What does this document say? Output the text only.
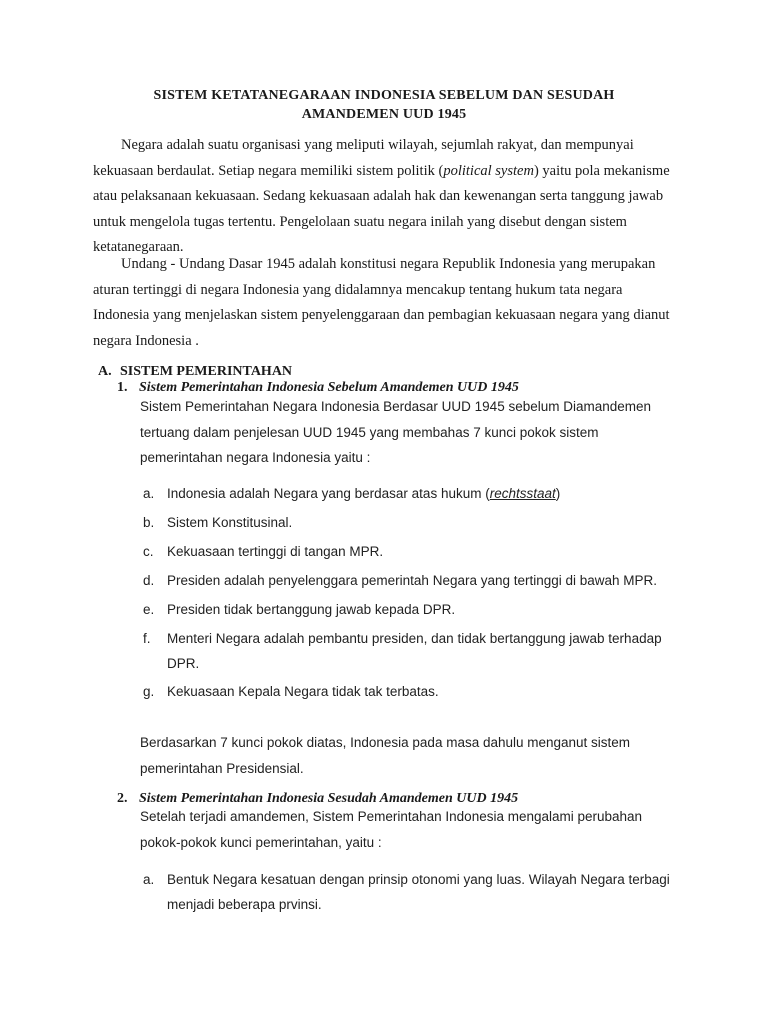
SISTEM KETATANEGARAAN INDONESIA SEBELUM DAN SESUDAH
AMANDEMEN UUD 1945
Negara adalah suatu organisasi yang meliputi wilayah, sejumlah rakyat, dan mempunyai kekuasaan berdaulat. Setiap negara memiliki sistem politik (political system) yaitu pola mekanisme atau pelaksanaan kekuasaan. Sedang kekuasaan adalah hak dan kewenangan serta tanggung jawab untuk mengelola tugas tertentu. Pengelolaan suatu negara inilah yang disebut dengan sistem ketatanegaraan.
Undang - Undang Dasar 1945 adalah konstitusi negara Republik Indonesia yang merupakan aturan tertinggi di negara Indonesia yang didalamnya mencakup tentang hukum tata negara Indonesia yang menjelaskan sistem penyelenggaraan dan pembagian kekuasaan negara yang dianut negara Indonesia .
A. SISTEM PEMERINTAHAN
1. Sistem Pemerintahan Indonesia Sebelum Amandemen UUD 1945
Sistem Pemerintahan Negara Indonesia Berdasar UUD 1945 sebelum Diamandemen tertuang dalam penjelesan UUD 1945 yang membahas 7 kunci pokok sistem pemerintahan negara Indonesia yaitu :
a. Indonesia adalah Negara yang berdasar atas hukum (rechtsstaat)
b. Sistem Konstitusinal.
c. Kekuasaan tertinggi di tangan MPR.
d. Presiden adalah penyelenggara pemerintah Negara yang tertinggi di bawah MPR.
e. Presiden tidak bertanggung jawab kepada DPR.
f. Menteri Negara adalah pembantu presiden, dan tidak bertanggung jawab terhadap DPR.
g. Kekuasaan Kepala Negara tidak tak terbatas.
Berdasarkan 7 kunci pokok diatas, Indonesia pada masa dahulu menganut sistem pemerintahan Presidensial.
2. Sistem Pemerintahan Indonesia Sesudah Amandemen UUD 1945
Setelah terjadi amandemen, Sistem Pemerintahan Indonesia mengalami perubahan pokok-pokok kunci pemerintahan, yaitu :
a. Bentuk Negara kesatuan dengan prinsip otonomi yang luas. Wilayah Negara terbagi menjadi beberapa prvinsi.
